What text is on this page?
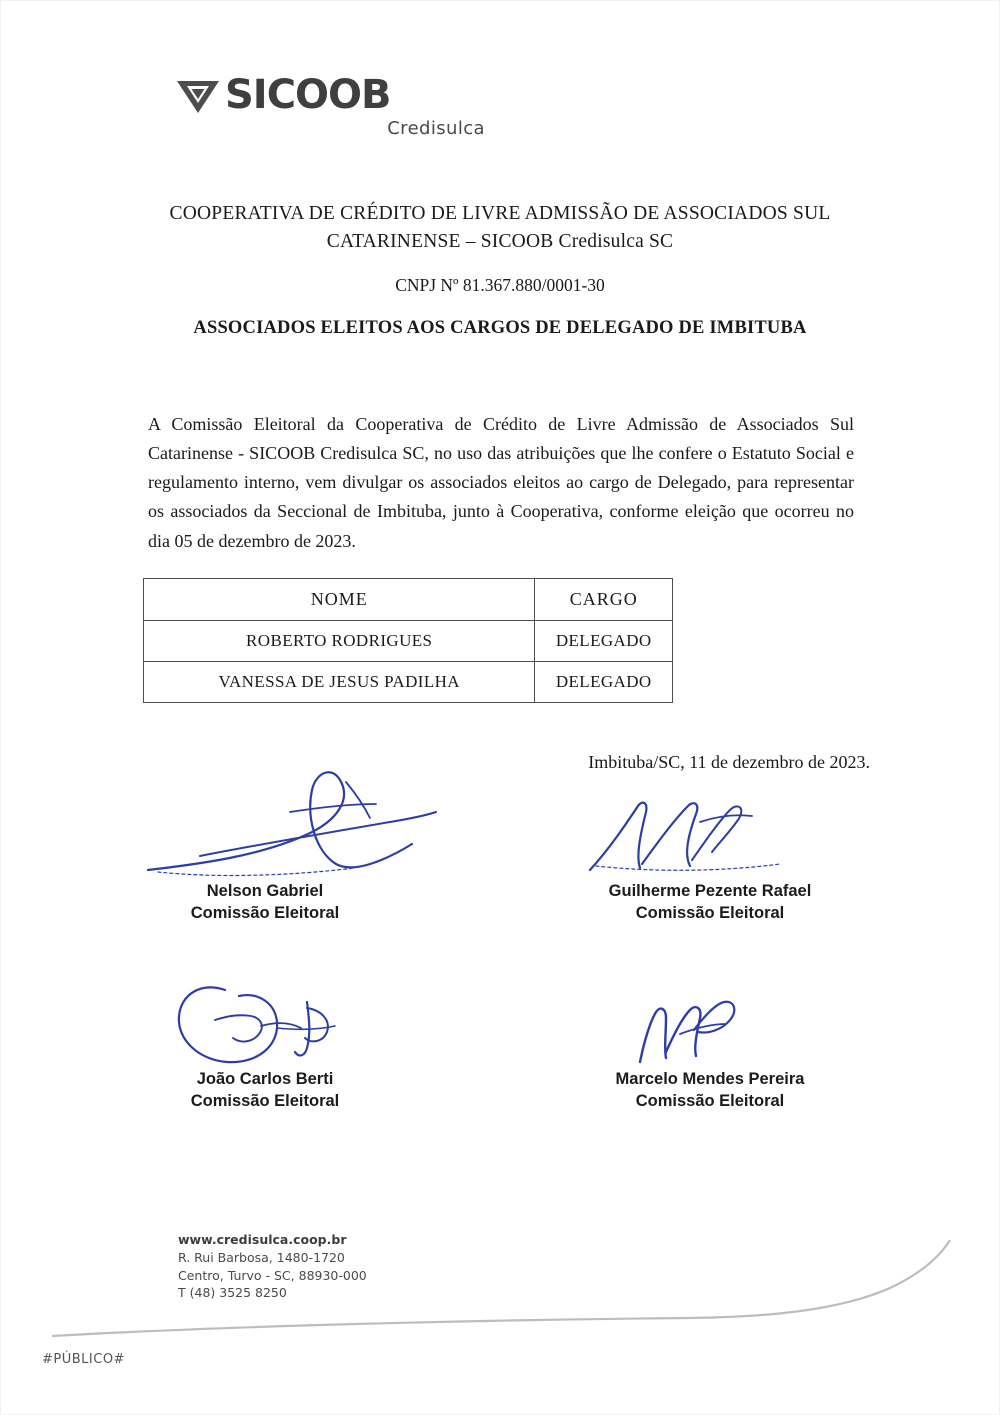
SICOOB
Credisulca
COOPERATIVA DE CRÉDITO DE LIVRE ADMISSÃO DE ASSOCIADOS SUL
CATARINENSE – SICOOB Credisulca SC
CNPJ Nº 81.367.880/0001-30
ASSOCIADOS ELEITOS AOS CARGOS DE DELEGADO DE IMBITUBA

A Comissão Eleitoral da Cooperativa de Crédito de Livre Admissão de Associados Sul Catarinense - SICOOB Credisulca SC, no uso das atribuições que lhe confere o Estatuto Social e regulamento interno, vem divulgar os associados eleitos ao cargo de Delegado, para representar os associados da Seccional de Imbituba, junto à Cooperativa, conforme eleição que ocorreu no dia 05 de dezembro de 2023.

NOME	CARGO
ROBERTO RODRIGUES	DELEGADO
VANESSA DE JESUS PADILHA	DELEGADO
Imbituba/SC, 11 de dezembro de 2023.
Nelson Gabriel
Comissão Eleitoral
Guilherme Pezente Rafael
Comissão Eleitoral
João Carlos Berti
Comissão Eleitoral
Marcelo Mendes Pereira
Comissão Eleitoral
www.credisulca.coop.br
R. Rui Barbosa, 1480-1720
Centro, Turvo - SC, 88930-000
T (48) 3525 8250
#PÚBLICO#
